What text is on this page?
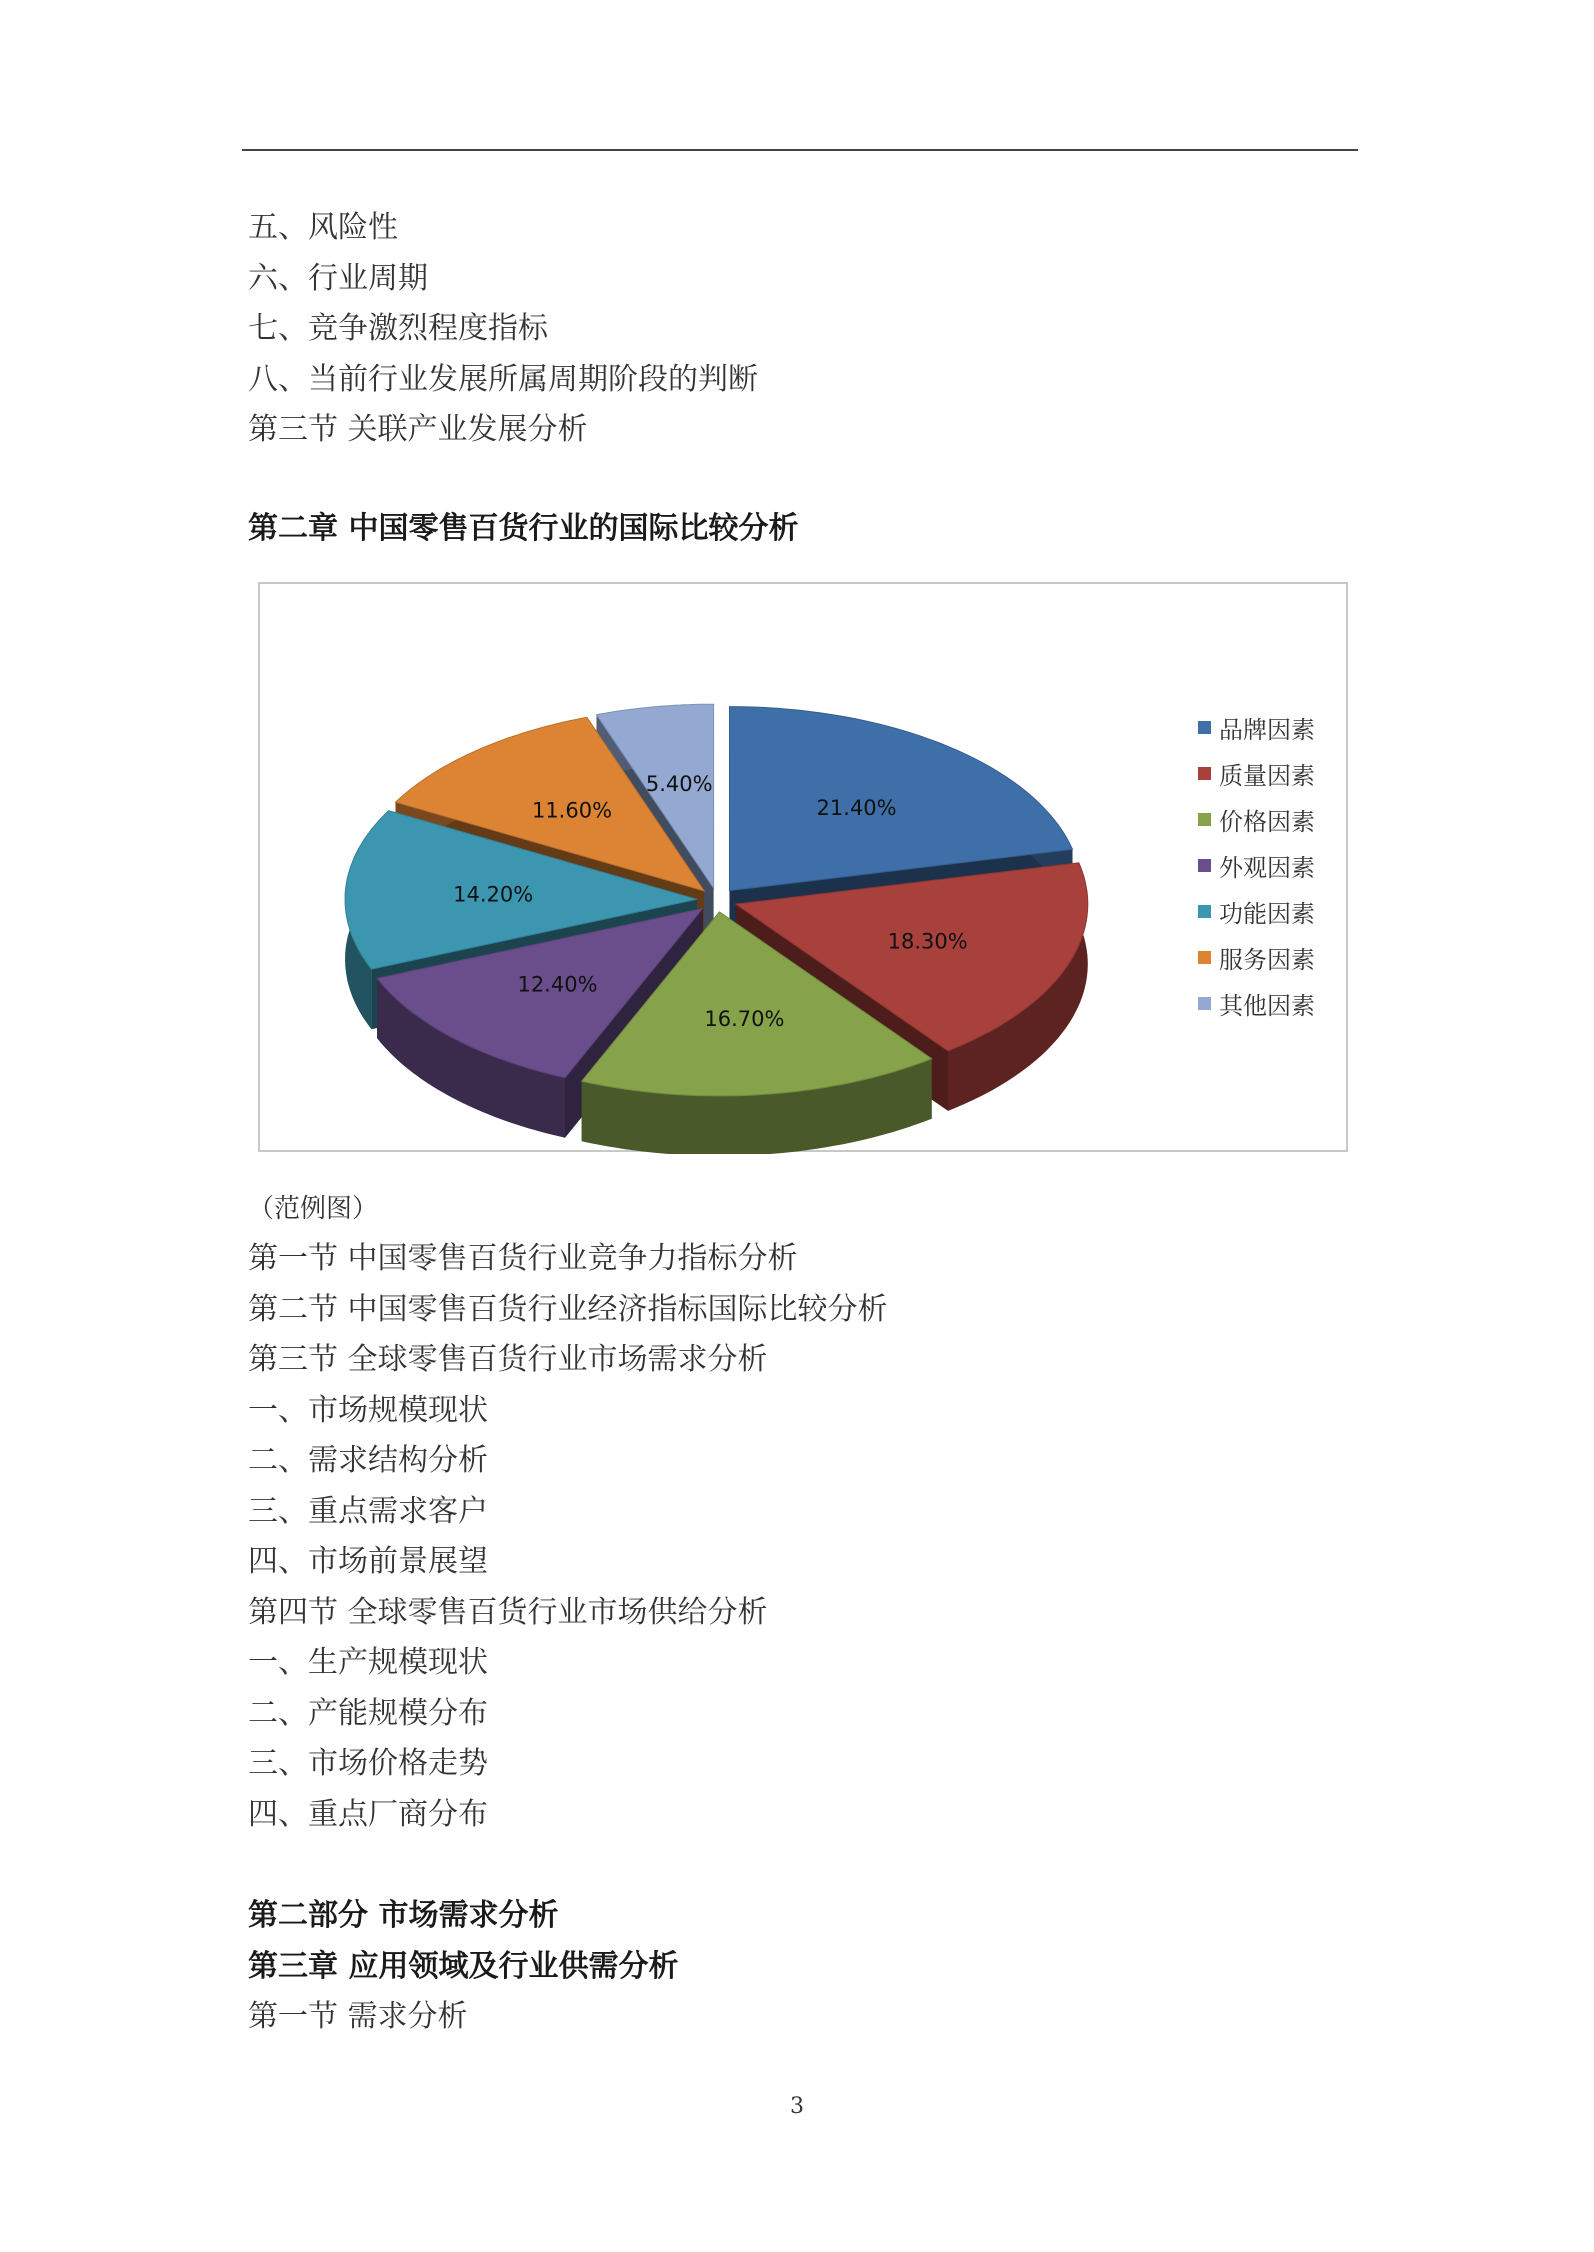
五、风险性
六、行业周期
七、竞争激烈程度指标
八、当前行业发展所属周期阶段的判断
第三节 关联产业发展分析
第二章 中国零售百货行业的国际比较分析
21.40%
18.30%
16.70%
12.40%
14.20%
11.60%
5.40%
品牌因素
质量因素
价格因素
外观因素
功能因素
服务因素
其他因素
（范例图）
第一节 中国零售百货行业竞争力指标分析
第二节 中国零售百货行业经济指标国际比较分析
第三节 全球零售百货行业市场需求分析
一、市场规模现状
二、需求结构分析
三、重点需求客户
四、市场前景展望
第四节 全球零售百货行业市场供给分析
一、生产规模现状
二、产能规模分布
三、市场价格走势
四、重点厂商分布
第二部分 市场需求分析
第三章 应用领域及行业供需分析
第一节 需求分析
3
